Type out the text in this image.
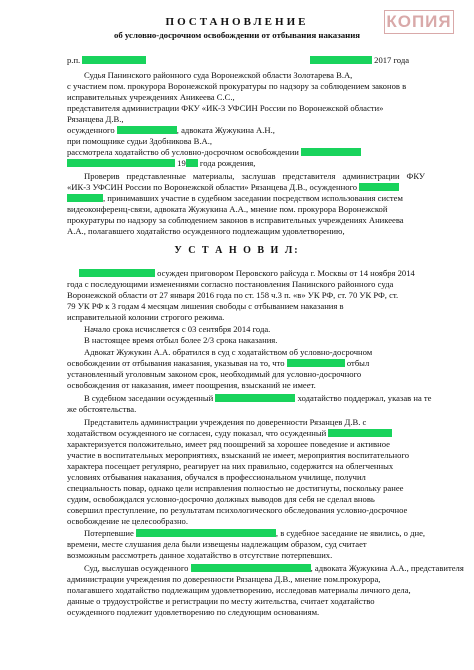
КОПИЯ
ПОСТАНОВЛЕНИЕ
об условно-досрочном освобождении от отбывания наказания
р.п.	2017 года
Судья Панинского районного суда Воронежской области Золотарева В.А,
с участием пом. прокурора Воронежской прокуратуры по надзору за соблюдением законов в
исправительных учреждениях Аникеева С.С.,
представителя администрации ФКУ «ИК-3 УФСИН России по Воронежской области»
Рязанцева Д.В.,
осужденного	, адвоката Жужукина А.Н.,
при помощнике судьи Здобникова В.А.,
рассмотрела ходатайство об условно-досрочном освобождении
19 года рождения,
Проверив представленные материалы, заслушав представителя администрации ФКУ
«ИК-3 УФСИН России по Воронежской области» Рязанцева Д.В., осужденного
, принимавших участие в судебном заседании посредством использования систем
видеоконференц-связи, адвоката Жужукина А.А., мнение пом. прокурора Воронежской
прокуратуры по надзору за соблюдением законов в исправительных учреждениях Аникеева
А.А., полагавшего ходатайство осужденного подлежащим удовлетворению,
У С Т А Н О В И Л:
осужден приговором Перовского райсуда г. Москвы от 14 ноября 2014
года с последующими изменениями согласно постановления Панинского районного суда
Воронежской области от 27 января 2016 года по ст. 158 ч.3 п. «в» УК РФ, ст. 70 УК РФ, ст.
79 УК РФ к 3 годам 4 месяцам лишения свободы с отбыванием наказания в
исправительной колонии строгого режима.
Начало срока исчисляется с 03 сентября 2014 года.
В настоящее время отбыл более 2/3 срока наказания.
Адвокат Жужукин А.А. обратился в суд с ходатайством об условно-досрочном
освобождении от отбывания наказания, указывая на то, что	отбыл
установленный уголовным законом срок, необходимый для условно-досрочного
освобождения от наказания, имеет поощрения, взысканий не имеет.
В судебном заседании осужденный	ходатайство поддержал, указав на те
же обстоятельства.
Представитель администрации учреждения по доверенности Рязанцев Д.В. с
ходатайством осужденного не согласен, суду показал, что осужденный
характеризуется положительно, имеет ряд поощрений за хорошее поведение и активное
участие в воспитательных мероприятиях, взысканий не имеет, мероприятия воспитательного
характера посещает регулярно, реагирует на них правильно, содержится на облегченных
условиях отбывания наказания, обучался в профессиональном училище, получил
специальность повар, однако цели исправления полностью не достигнуты, поскольку ранее
судим, освобождался условно-досрочно должных выводов для себя не сделал вновь
совершил преступление, по результатам психологического обследования условно-досрочное
освобождение не целесообразно.
Потерпевшие	, в судебное заседание не явились, о дне,
времени, месте слушания дела были извещены надлежащим образом, суд считает
возможным рассмотреть данное ходатайство в отсутствие потерпевших.
Суд, выслушав осужденного	, адвоката Жужукина А.А., представителя
администрации учреждения по доверенности Рязанцева Д.В., мнение пом.прокурора,
полагавшего ходатайство подлежащим удовлетворению, исследовав материалы личного дела,
данные о трудоустройстве и регистрации по месту жительства, считает ходатайство
осужденного подлежит удовлетворению по следующим основаниям.
